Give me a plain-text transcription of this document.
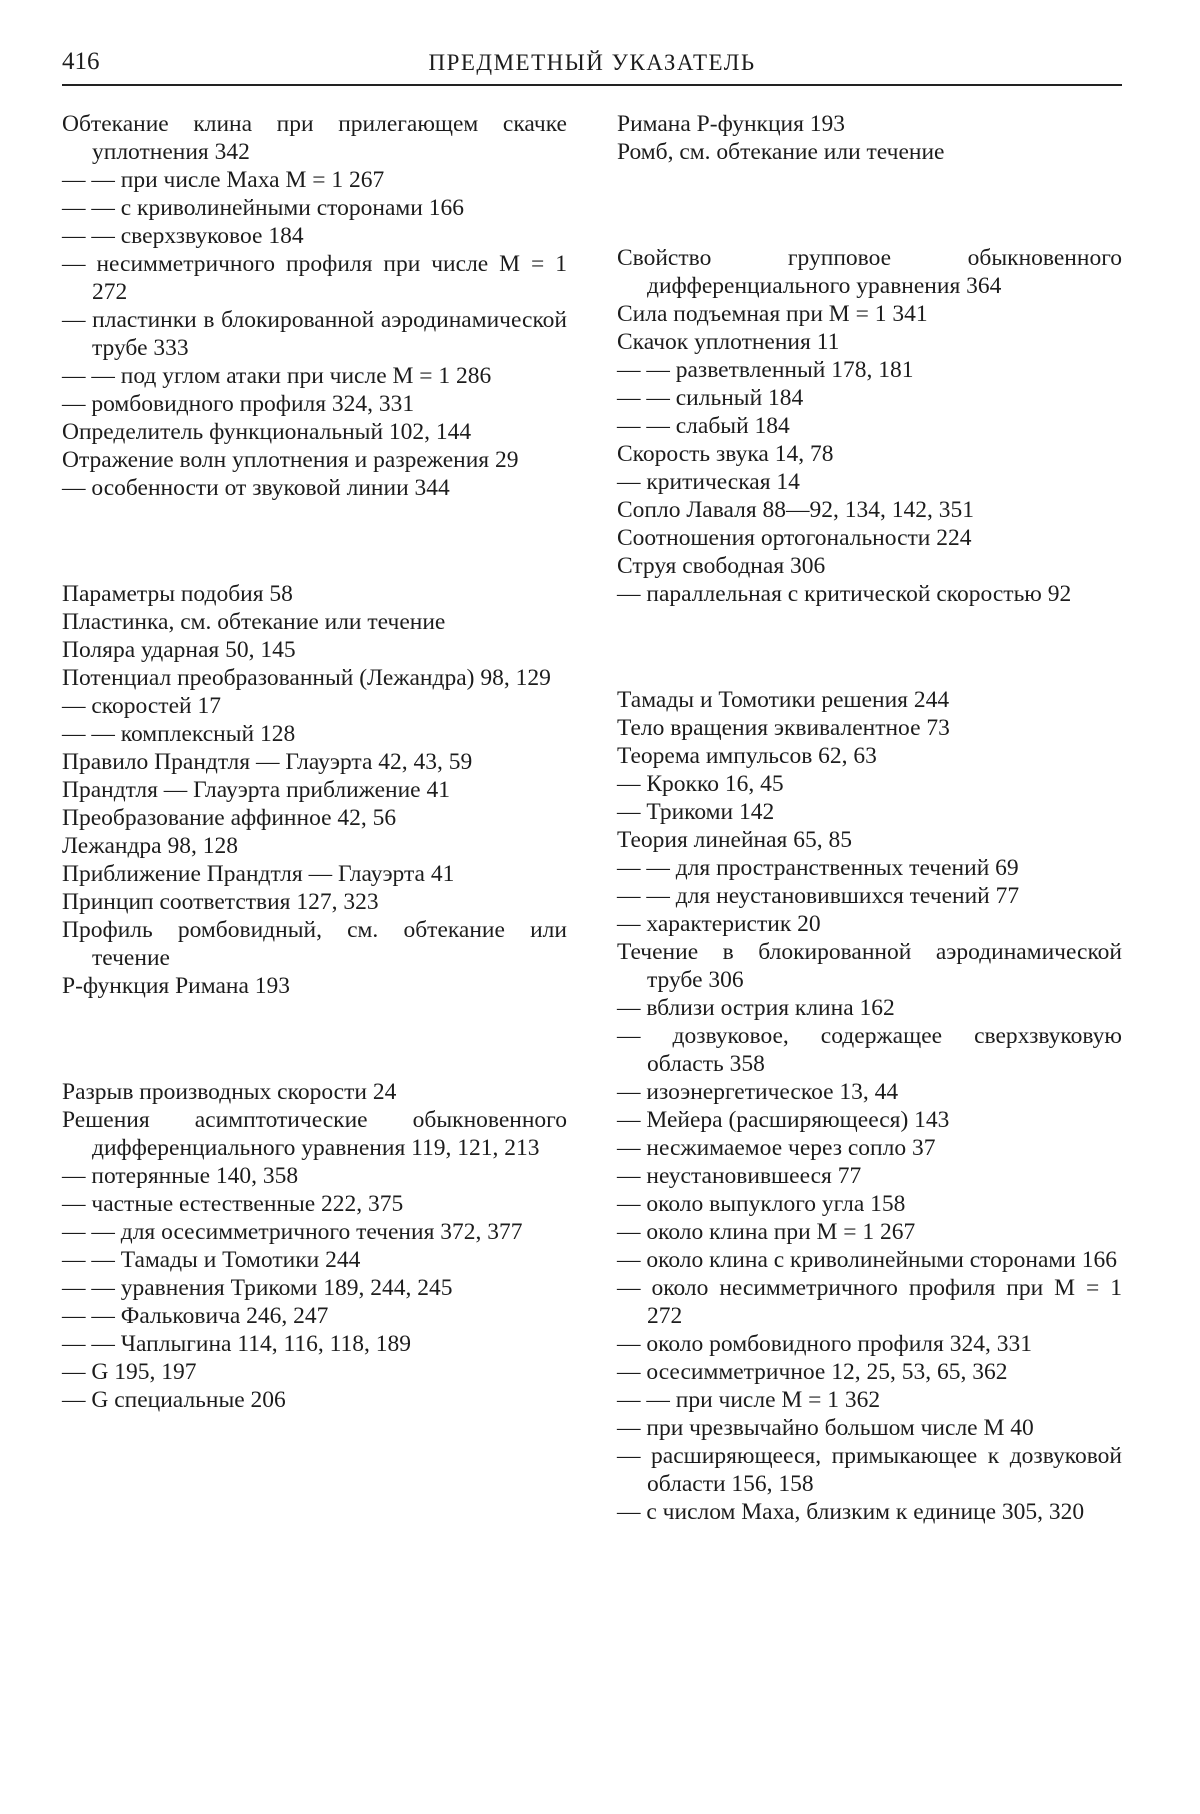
416	ПРЕДМЕТНЫЙ УКАЗАТЕЛЬ

Обтекание клина при прилегающем скачке уплотнения 342

— — при числе Маха M = 1 267

— — с криволинейными сторонами 166

— — сверхзвуковое 184

— несимметричного профиля при числе M = 1 272

— пластинки в блокированной аэродинамической трубе 333

— — под углом атаки при числе M = 1 286

— ромбовидного профиля 324, 331

Определитель функциональный 102, 144

Отражение волн уплотнения и разрежения 29

— особенности от звуковой линии 344

Параметры подобия 58

Пластинка, см. обтекание или течение

Поляра ударная 50, 145

Потенциал преобразованный (Лежандра) 98, 129

— скоростей 17

— — комплексный 128

Правило Прандтля — Глауэрта 42, 43, 59

Прандтля — Глауэрта приближение 41

Преобразование аффинное 42, 56

Лежандра 98, 128

Приближение Прандтля — Глауэрта 41

Принцип соответствия 127, 323

Профиль ромбовидный, см. обтекание или течение

P-функция Римана 193

Разрыв производных скорости 24

Решения асимптотические обыкновенного дифференциального уравнения 119, 121, 213

— потерянные 140, 358

— частные естественные 222, 375

— — для осесимметричного течения 372, 377

— — Тамады и Томотики 244

— — уравнения Трикоми 189, 244, 245

— — Фальковича 246, 247

— — Чаплыгина 114, 116, 118, 189

— G 195, 197

— G специальные 206

Римана P-функция 193

Ромб, см. обтекание или течение

Свойство групповое обыкновенного дифференциального уравнения 364

Сила подъемная при M = 1 341

Скачок уплотнения 11

— — разветвленный 178, 181

— — сильный 184

— — слабый 184

Скорость звука 14, 78

— критическая 14

Сопло Лаваля 88—92, 134, 142, 351

Соотношения ортогональности 224

Струя свободная 306

— параллельная с критической скоростью 92

Тамады и Томотики решения 244

Тело вращения эквивалентное 73

Теорема импульсов 62, 63

— Крокко 16, 45

— Трикоми 142

Теория линейная 65, 85

— — для пространственных течений 69

— — для неустановившихся течений 77

— характеристик 20

Течение в блокированной аэродинамической трубе 306

— вблизи острия клина 162

— дозвуковое, содержащее сверхзвуковую область 358

— изоэнергетическое 13, 44

— Мейера (расширяющееся) 143

— несжимаемое через сопло 37

— неустановившееся 77

— около выпуклого угла 158

— около клина при M = 1 267

— около клина с криволинейными сторонами 166

— около несимметричного профиля при M = 1 272

— около ромбовидного профиля 324, 331

— осесимметричное 12, 25, 53, 65, 362

— — при числе M = 1 362

— при чрезвычайно большом числе M 40

— расширяющееся, примыкающее к дозвуковой области 156, 158

— с числом Маха, близким к единице 305, 320
